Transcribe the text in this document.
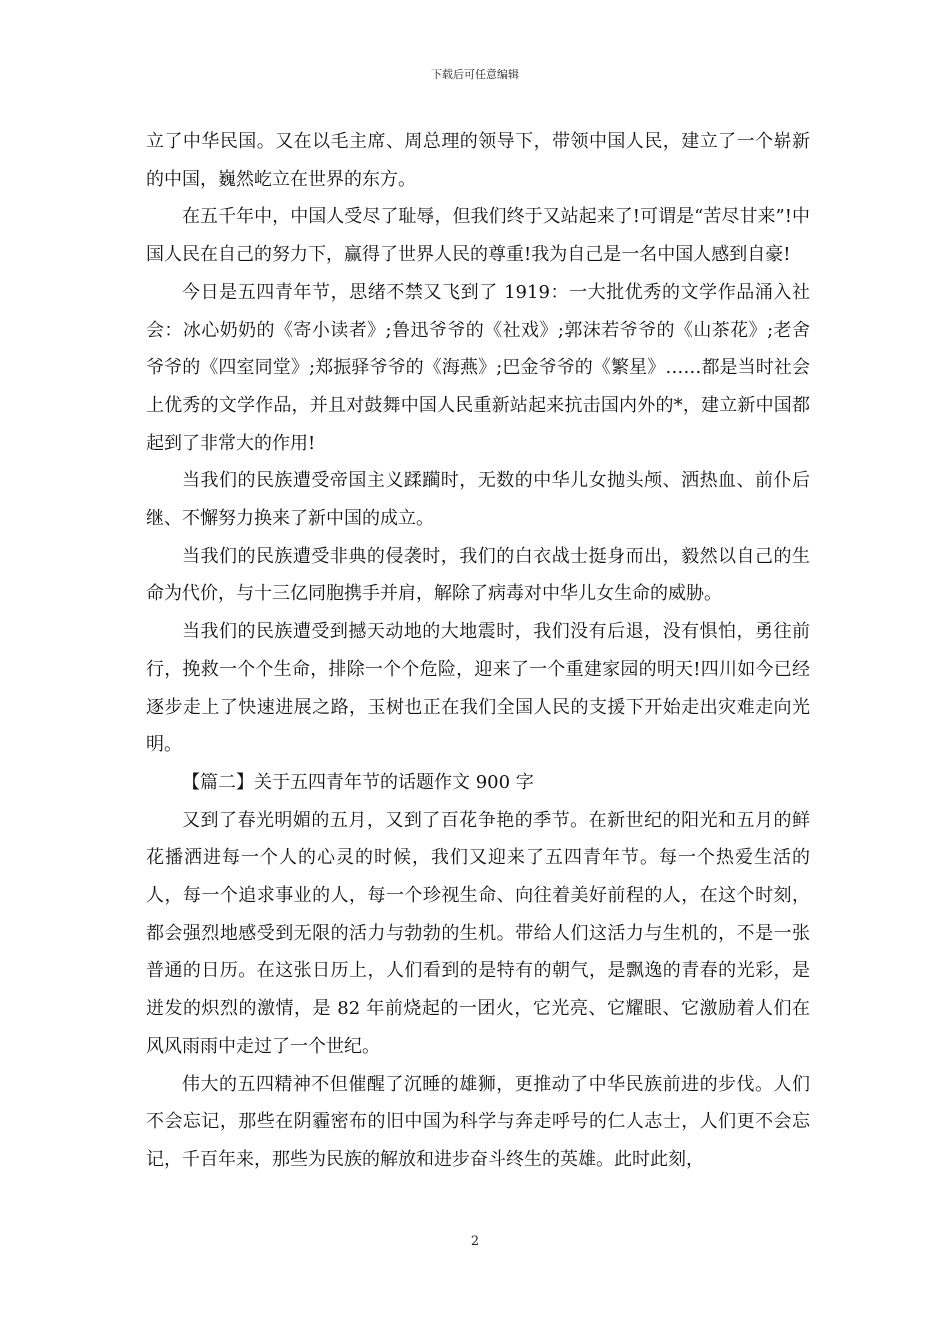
下载后可任意编辑

立了中华民国。又在以毛主席、周总理的领导下，带领中国人民，建立了一个崭新的中国，巍然屹立在世界的东方。

在五千年中，中国人受尽了耻辱，但我们终于又站起来了!可谓是“苦尽甘来”!中国人民在自己的努力下，赢得了世界人民的尊重!我为自己是一名中国人感到自豪!

今日是五四青年节，思绪不禁又飞到了 1919：一大批优秀的文学作品涌入社会：冰心奶奶的《寄小读者》;鲁迅爷爷的《社戏》;郭沫若爷爷的《山茶花》;老舍爷爷的《四室同堂》;郑振驿爷爷的《海燕》;巴金爷爷的《繁星》……都是当时社会上优秀的文学作品，并且对鼓舞中国人民重新站起来抗击国内外的*，建立新中国都起到了非常大的作用!

当我们的民族遭受帝国主义蹂躏时，无数的中华儿女抛头颅、洒热血、前仆后继、不懈努力换来了新中国的成立。

当我们的民族遭受非典的侵袭时，我们的白衣战士挺身而出，毅然以自己的生命为代价，与十三亿同胞携手并肩，解除了病毒对中华儿女生命的威胁。

当我们的民族遭受到撼天动地的大地震时，我们没有后退，没有惧怕，勇往前行，挽救一个个生命，排除一个个危险，迎来了一个重建家园的明天!四川如今已经逐步走上了快速进展之路，玉树也正在我们全国人民的支援下开始走出灾难走向光明。

【篇二】关于五四青年节的话题作文 900 字

又到了春光明媚的五月，又到了百花争艳的季节。在新世纪的阳光和五月的鲜花播洒进每一个人的心灵的时候，我们又迎来了五四青年节。每一个热爱生活的人，每一个追求事业的人，每一个珍视生命、向往着美好前程的人，在这个时刻，都会强烈地感受到无限的活力与勃勃的生机。带给人们这活力与生机的，不是一张普通的日历。在这张日历上，人们看到的是特有的朝气，是飘逸的青春的光彩，是迸发的炽烈的激情，是 82 年前烧起的一团火，它光亮、它耀眼、它激励着人们在风风雨雨中走过了一个世纪。

伟大的五四精神不但催醒了沉睡的雄狮，更推动了中华民族前进的步伐。人们不会忘记，那些在阴霾密布的旧中国为科学与奔走呼号的仁人志士，人们更不会忘记，千百年来，那些为民族的解放和进步奋斗终生的英雄。此时此刻，

2
